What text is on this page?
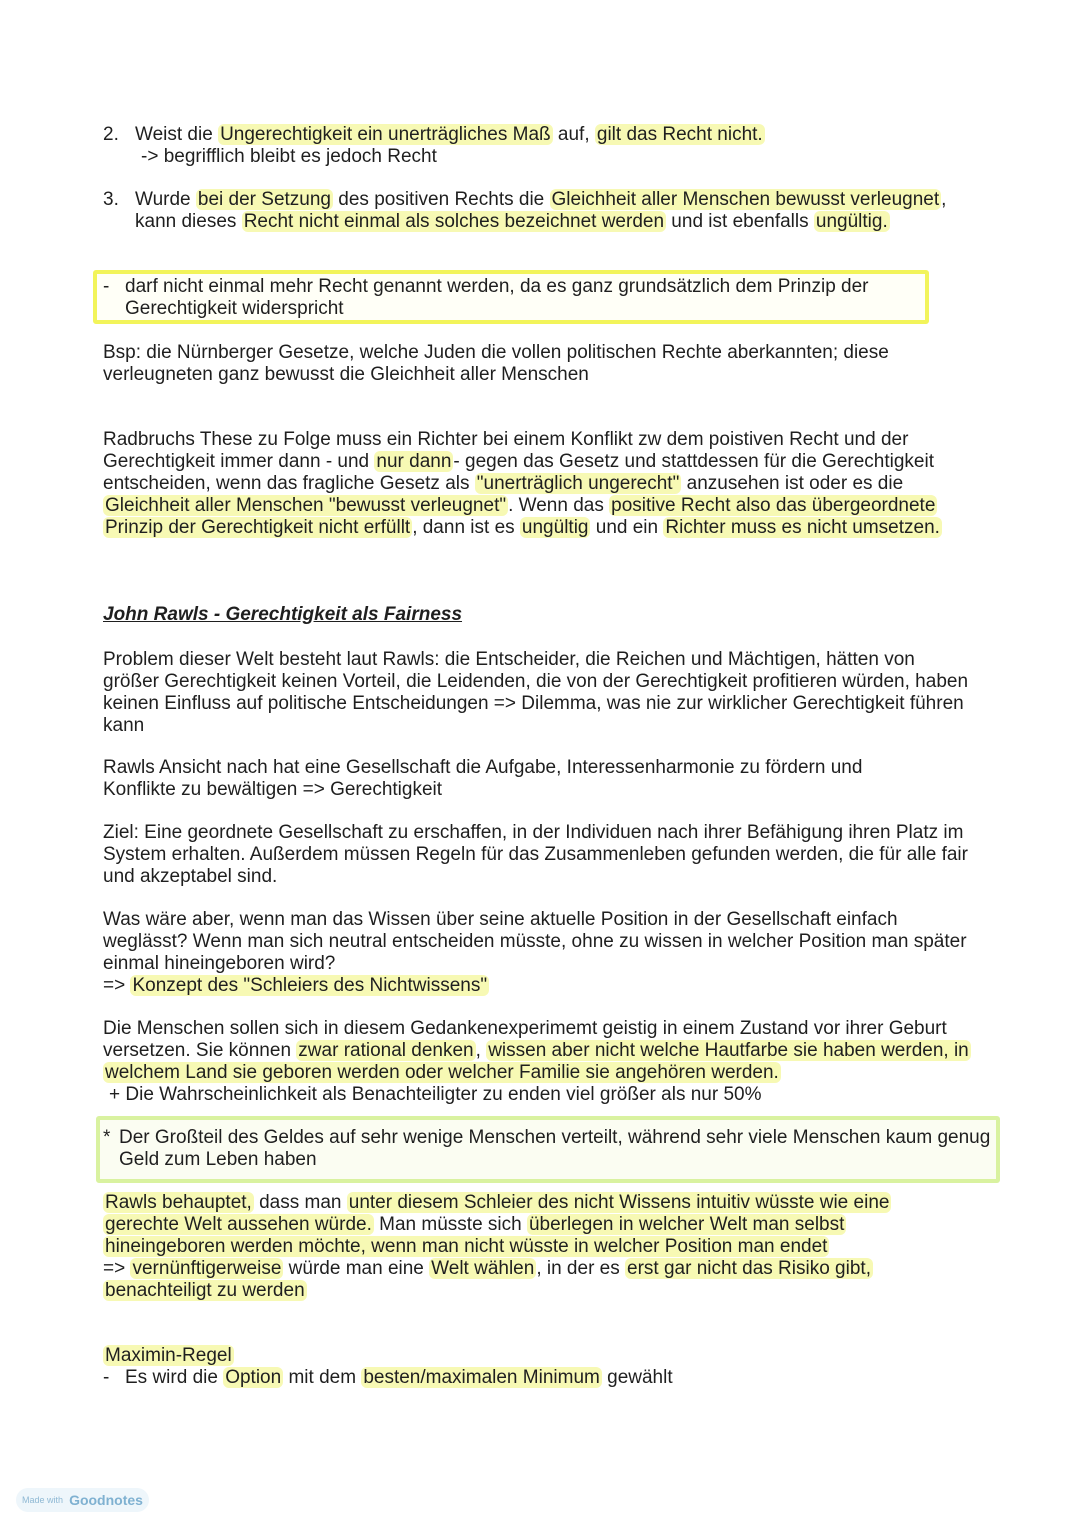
2. Weist die Ungerechtigkeit ein unerträgliches Maß auf, gilt das Recht nicht.
-> begrifflich bleibt es jedoch Recht
3. Wurde bei der Setzung des positiven Rechts die Gleichheit aller Menschen bewusst verleugnet , kann dieses Recht nicht einmal als solches bezeichnet werden und ist ebenfalls ungültig.
- darf nicht einmal mehr Recht genannt werden, da es ganz grundsätzlich dem Prinzip der Gerechtigkeit widerspricht
Bsp: die Nürnberger Gesetze, welche Juden die vollen politischen Rechte aberkannten; diese verleugneten ganz bewusst die Gleichheit aller Menschen
Radbruchs These zu Folge muss ein Richter bei einem Konflikt zw dem poistiven Recht und der Gerechtigkeit immer dann - und nur dann - gegen das Gesetz und stattdessen für die Gerechtigkeit entscheiden, wenn das fragliche Gesetz als "unerträglich ungerecht" anzusehen ist oder es die Gleichheit aller Menschen "bewusst verleugnet" . Wenn das positive Recht also das übergeordnete Prinzip der Gerechtigkeit nicht erfüllt , dann ist es ungültig und ein Richter muss es nicht umsetzen.
John Rawls - Gerechtigkeit als Fairness
Problem dieser Welt besteht laut Rawls: die Entscheider, die Reichen und Mächtigen, hätten von größer Gerechtigkeit keinen Vorteil, die Leidenden, die von der Gerechtigkeit profitieren würden, haben keinen Einfluss auf politische Entscheidungen => Dilemma, was nie zur wirklicher Gerechtigkeit führen kann
Rawls Ansicht nach hat eine Gesellschaft die Aufgabe, Interessenharmonie zu fördern und Konflikte zu bewältigen => Gerechtigkeit
Ziel: Eine geordnete Gesellschaft zu erschaffen, in der Individuen nach ihrer Befähigung ihren Platz im System erhalten. Außerdem müssen Regeln für das Zusammenleben gefunden werden, die für alle fair und akzeptabel sind.
Was wäre aber, wenn man das Wissen über seine aktuelle Position in der Gesellschaft einfach weglässt? Wenn man sich neutral entscheiden müsste, ohne zu wissen in welcher Position man später einmal hineingeboren wird?
=> Konzept des "Schleiers des Nichtwissens"
Die Menschen sollen sich in diesem Gedankenexperimemt geistig in einem Zustand vor ihrer Geburt versetzen. Sie können zwar rational denken , wissen aber nicht welche Hautfarbe sie haben werden, in welchem Land sie geboren werden oder welcher Familie sie angehören werden.
+ Die Wahrscheinlichkeit als Benachteiligter zu enden viel größer als nur 50%
* Der Großteil des Geldes auf sehr wenige Menschen verteilt, während sehr viele Menschen kaum genug Geld zum Leben haben
Rawls behauptet, dass man unter diesem Schleier des nicht Wissens intuitiv wüsste wie eine gerechte Welt aussehen würde. Man müsste sich überlegen in welcher Welt man selbst hineingeboren werden möchte, wenn man nicht wüsste in welcher Position man endet
=> vernünftigerweise würde man eine Welt wählen , in der es erst gar nicht das Risiko gibt, benachteiligt zu werden
Maximin-Regel
- Es wird die Option mit dem besten/maximalen Minimum gewählt
Made with Goodnotes
